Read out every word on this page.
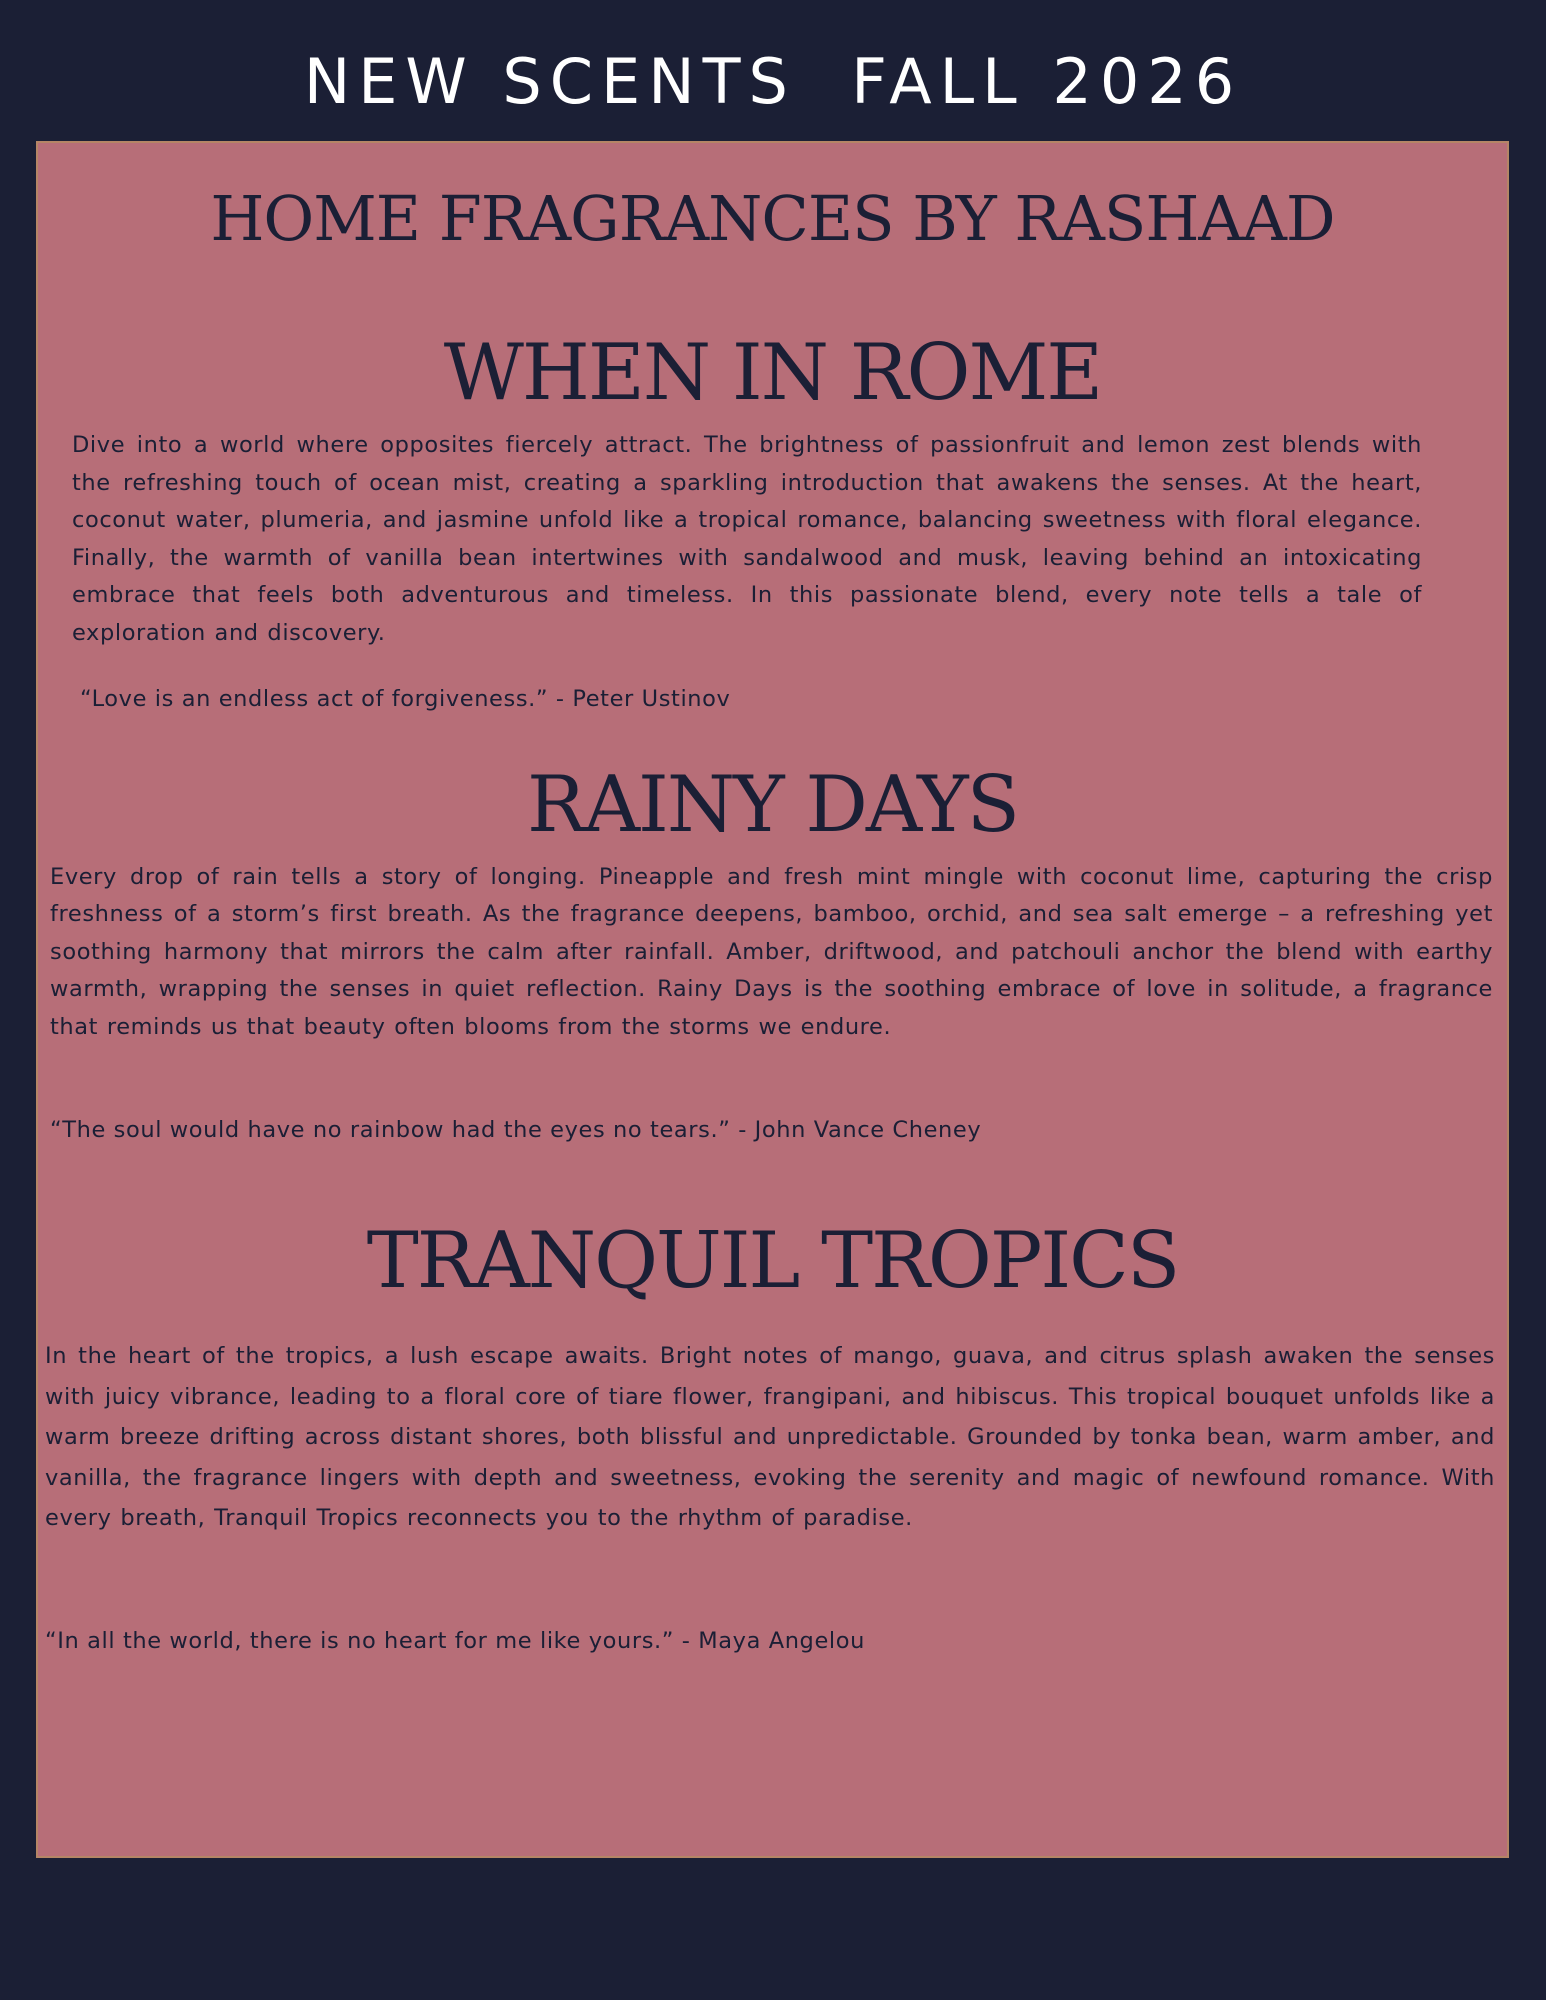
NEW SCENTS  FALL 2026
HOME FRAGRANCES BY RASHAAD
WHEN IN ROME

Dive into a world where opposites fiercely attract. The brightness of passionfruit and lemon zest blends with the refreshing touch of ocean mist, creating a sparkling introduction that awakens the senses. At the heart, coconut water, plumeria, and jasmine unfold like a tropical romance, balancing sweetness with floral elegance. Finally, the warmth of vanilla bean intertwines with sandalwood and musk, leaving behind an intoxicating embrace that feels both adventurous and timeless. In this passionate blend, every note tells a tale of exploration and discovery.

“Love is an endless act of forgiveness.” - Peter Ustinov

RAINY DAYS

Every drop of rain tells a story of longing. Pineapple and fresh mint mingle with coconut lime, capturing the crisp freshness of a storm’s first breath. As the fragrance deepens, bamboo, orchid, and sea salt emerge – a refreshing yet soothing harmony that mirrors the calm after rainfall. Amber, driftwood, and patchouli anchor the blend with earthy warmth, wrapping the senses in quiet reflection. Rainy Days is the soothing embrace of love in solitude, a fragrance that reminds us that beauty often blooms from the storms we endure.

“The soul would have no rainbow had the eyes no tears.” - John Vance Cheney

TRANQUIL TROPICS

In the heart of the tropics, a lush escape awaits. Bright notes of mango, guava, and citrus splash awaken the senses with juicy vibrance, leading to a floral core of tiare flower, frangipani, and hibiscus. This tropical bouquet unfolds like a warm breeze drifting across distant shores, both blissful and unpredictable. Grounded by tonka bean, warm amber, and vanilla, the fragrance lingers with depth and sweetness, evoking the serenity and magic of newfound romance. With every breath, Tranquil Tropics reconnects you to the rhythm of paradise.

“In all the world, there is no heart for me like yours.” - Maya Angelou
